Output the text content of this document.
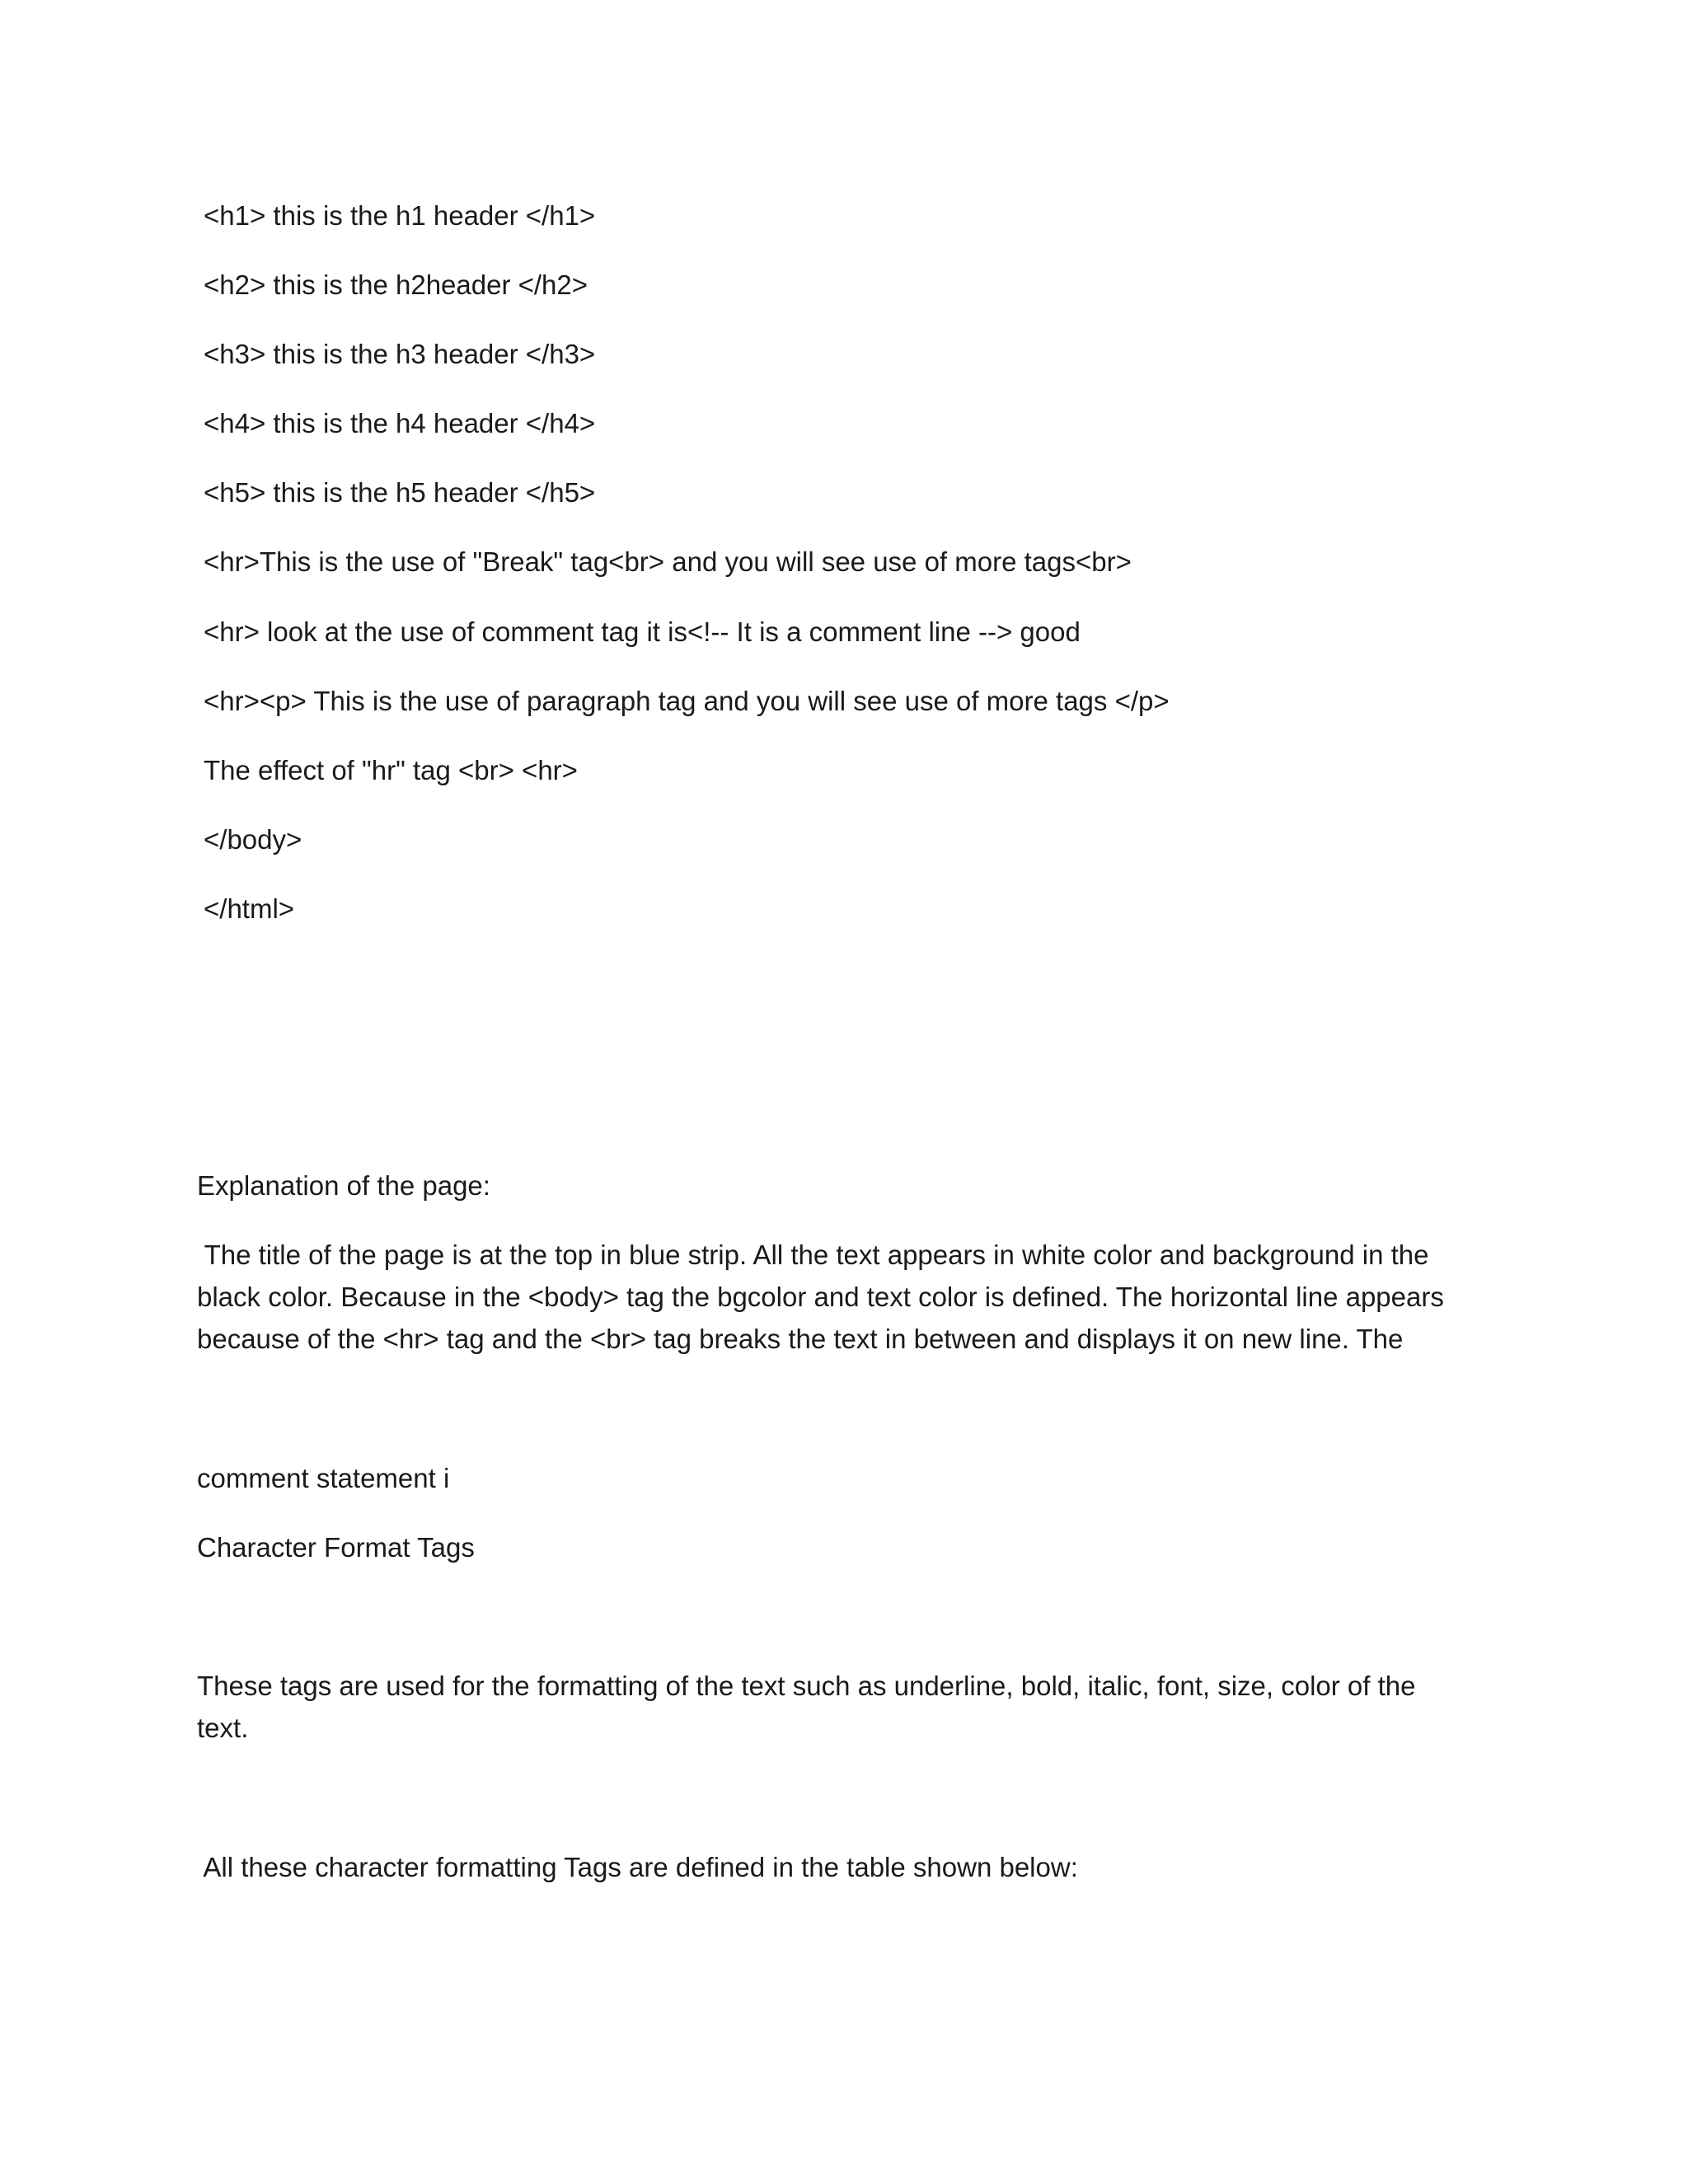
<h1> this is the h1 header </h1>
<h2> this is the h2header </h2>
<h3> this is the h3 header </h3>
<h4> this is the h4 header </h4>
<h5> this is the h5 header </h5>
<hr>This is the use of "Break" tag<br> and you will see use of more tags<br>
<hr> look at the use of comment tag it is<!-- It is a comment line --> good
<hr><p> This is the use of paragraph tag and you will see use of more tags </p>
The effect of "hr" tag <br> <hr>
</body>
</html>
Explanation of the page:
The title of the page is at the top in blue strip. All the text appears in white color and background in the
black color. Because in the <body> tag the bgcolor and text color is defined. The horizontal line appears
because of the <hr> tag and the <br> tag breaks the text in between and displays it on new line. The
comment statement i
Character Format Tags
These tags are used for the formatting of the text such as underline, bold, italic, font, size, color of the
text.
All these character formatting Tags are defined in the table shown below:
